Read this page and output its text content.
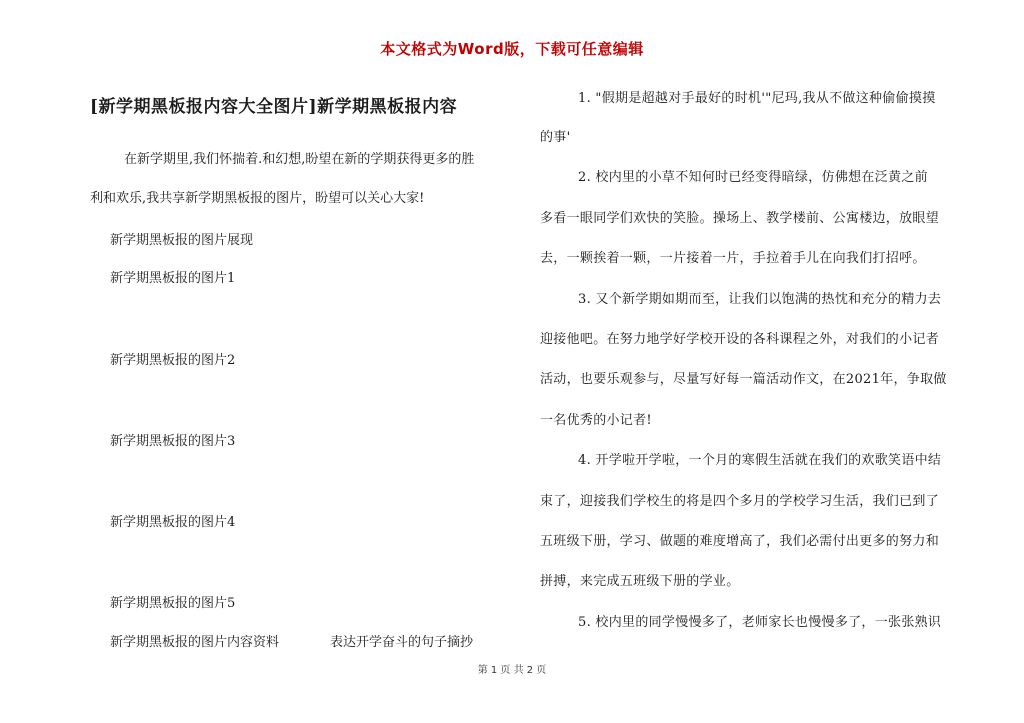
本文格式为Word版，下载可任意编辑
[新学期黑板报内容大全图片]新学期黑板报内容
在新学期里,我们怀揣着.和幻想,盼望在新的学期获得更多的胜
利和欢乐,我共享新学期黑板报的图片，盼望可以关心大家!
新学期黑板报的图片展现
新学期黑板报的图片1
新学期黑板报的图片2
新学期黑板报的图片3
新学期黑板报的图片4
新学期黑板报的图片5
新学期黑板报的图片内容资料	表达开学奋斗的句子摘抄
1. "假期是超越对手最好的时机'"尼玛,我从不做这种偷偷摸摸
的事'
2. 校内里的小草不知何时已经变得暗绿，仿佛想在泛黄之前
多看一眼同学们欢快的笑脸。操场上、教学楼前、公寓楼边，放眼望
去，一颗挨着一颗，一片接着一片，手拉着手儿在向我们打招呼。
3. 又个新学期如期而至，让我们以饱满的热忱和充分的精力去
迎接他吧。在努力地学好学校开设的各科课程之外，对我们的小记者
活动，也要乐观参与，尽量写好每一篇活动作文，在2021年，争取做
一名优秀的小记者!
4. 开学啦开学啦，一个月的寒假生活就在我们的欢歌笑语中结
束了，迎接我们学校生的将是四个多月的学校学习生活，我们已到了
五班级下册，学习、做题的难度增高了，我们必需付出更多的努力和
拼搏，来完成五班级下册的学业。
5. 校内里的同学慢慢多了，老师家长也慢慢多了，一张张熟识
第 1 页 共 2 页
